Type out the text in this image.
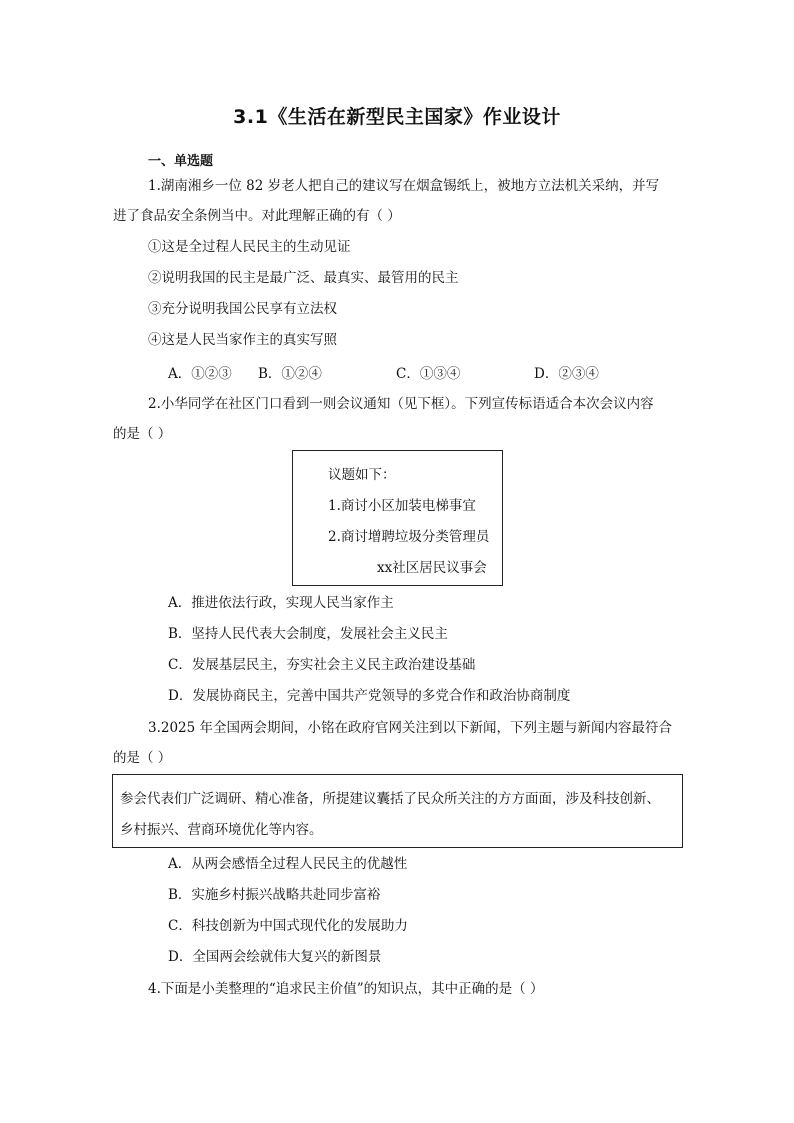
3.1《生活在新型民主国家》作业设计
一、单选题
1.湖南湘乡一位 82 岁老人把自己的建议写在烟盒锡纸上，被地方立法机关采纳，并写
进了食品安全条例当中。对此理解正确的有（ ）
①这是全过程人民民主的生动见证
②说明我国的民主是最广泛、最真实、最管用的民主
③充分说明我国公民享有立法权
④这是人民当家作主的真实写照
A．①②③ B．①②④	C．①③④	D．②③④
2.小华同学在社区门口看到一则会议通知（见下框）。下列宣传标语适合本次会议内容
的是（ ）
议题如下：
1.商讨小区加装电梯事宜
2.商讨增聘垃圾分类管理员
xx社区居民议事会
A．推进依法行政，实现人民当家作主
B．坚持人民代表大会制度，发展社会主义民主
C．发展基层民主，夯实社会主义民主政治建设基础
D．发展协商民主，完善中国共产党领导的多党合作和政治协商制度
3.2025 年全国两会期间，小铭在政府官网关注到以下新闻，下列主题与新闻内容最符合
的是（ ）
参会代表们广泛调研、精心准备，所提建议囊括了民众所关注的方方面面，涉及科技创新、
乡村振兴、营商环境优化等内容。
A．从两会感悟全过程人民民主的优越性
B．实施乡村振兴战略共赴同步富裕
C．科技创新为中国式现代化的发展助力
D．全国两会绘就伟大复兴的新图景
4.下面是小美整理的“追求民主价值”的知识点，其中正确的是（ ）
